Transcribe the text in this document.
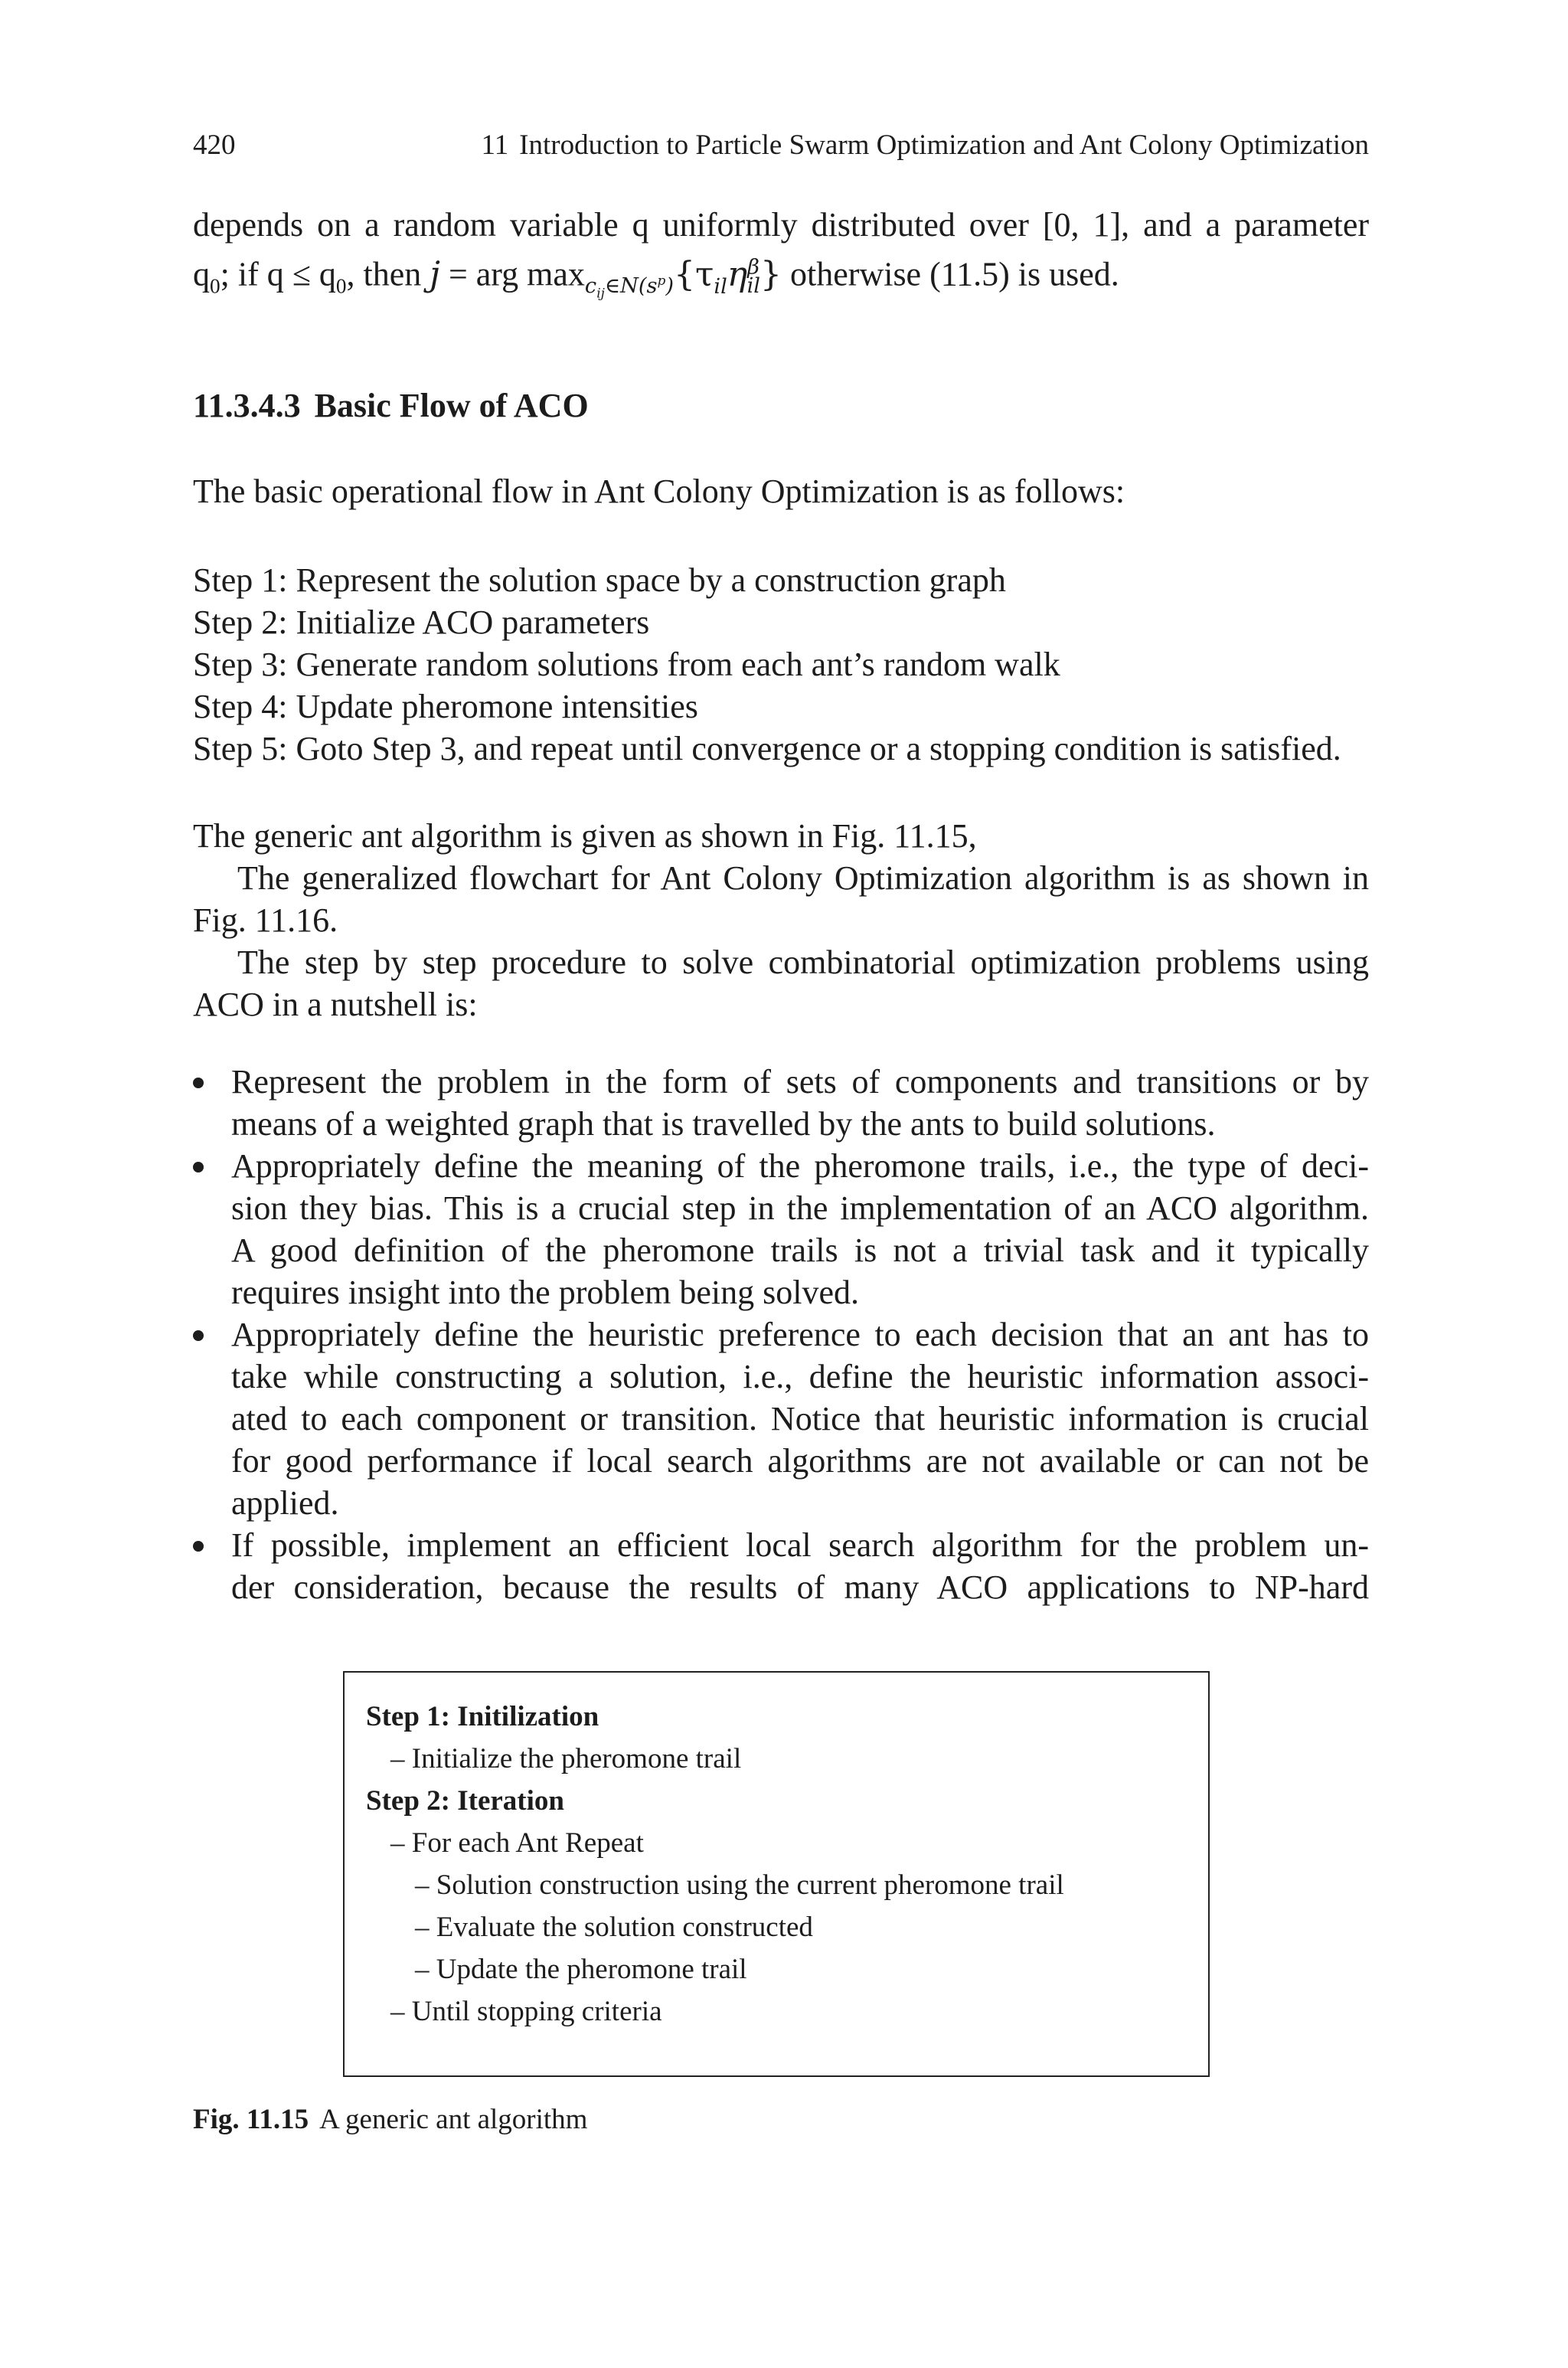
420	11 Introduction to Particle Swarm Optimization and Ant Colony Optimization
depends on a random variable q uniformly distributed over [0, 1], and a parameter
$q_0$; if $q \le q_0$, then j = arg $\max_{c_{ij}\in N(s^p)}\{\tau_{il}\eta^\beta_{il}\}$ otherwise (11.5) is used.
11.3.4.3 Basic Flow of ACO
The basic operational flow in Ant Colony Optimization is as follows:
Step 1: Represent the solution space by a construction graph
Step 2: Initialize ACO parameters
Step 3: Generate random solutions from each ant’s random walk
Step 4: Update pheromone intensities
Step 5: Goto Step 3, and repeat until convergence or a stopping condition is satisfied.
The generic ant algorithm is given as shown in Fig. 11.15,
The generalized flowchart for Ant Colony Optimization algorithm is as shown in
Fig. 11.16.
The step by step procedure to solve combinatorial optimization problems using
ACO in a nutshell is:
Represent the problem in the form of sets of components and transitions or by
means of a weighted graph that is travelled by the ants to build solutions.
Appropriately define the meaning of the pheromone trails, i.e., the type of deci-
sion they bias. This is a crucial step in the implementation of an ACO algorithm.
A good definition of the pheromone trails is not a trivial task and it typically
requires insight into the problem being solved.
Appropriately define the heuristic preference to each decision that an ant has to
take while constructing a solution, i.e., define the heuristic information associ-
ated to each component or transition. Notice that heuristic information is crucial
for good performance if local search algorithms are not available or can not be
applied.
If possible, implement an efficient local search algorithm for the problem un-
der consideration, because the results of many ACO applications to NP-hard
Step 1: Initilization
– Initialize the pheromone trail
Step 2: Iteration
– For each Ant Repeat
– Solution construction using the current pheromone trail
– Evaluate the solution constructed
– Update the pheromone trail
– Until stopping criteria
Fig. 11.15 A generic ant algorithm
